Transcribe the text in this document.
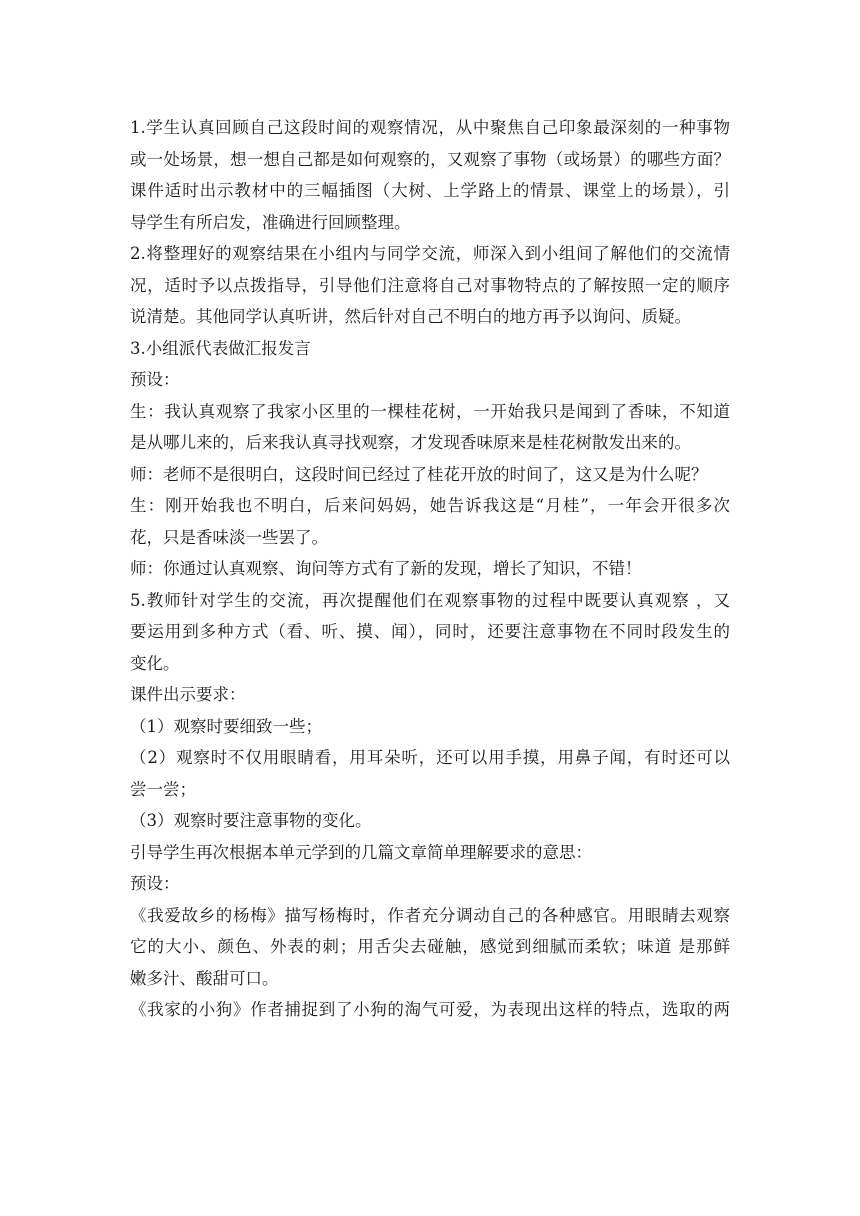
1.学生认真回顾自己这段时间的观察情况，从中聚焦自己印象最深刻的一种事物
或一处场景，想一想自己都是如何观察的，又观察了事物（或场景）的哪些方面？
课件适时出示教材中的三幅插图（大树、上学路上的情景、课堂上的场景），引
导学生有所启发，准确进行回顾整理。
2.将整理好的观察结果在小组内与同学交流，师深入到小组间了解他们的交流情
况，适时予以点拨指导，引导他们注意将自己对事物特点的了解按照一定的顺序
说清楚。其他同学认真听讲，然后针对自己不明白的地方再予以询问、质疑。
3.小组派代表做汇报发言
预设：
生：我认真观察了我家小区里的一棵桂花树，一开始我只是闻到了香味，不知道
是从哪儿来的，后来我认真寻找观察，才发现香味原来是桂花树散发出来的。
师：老师不是很明白，这段时间已经过了桂花开放的时间了，这又是为什么呢？
生：刚开始我也不明白，后来问妈妈，她告诉我这是“月桂”，一年会开很多次
花，只是香味淡一些罢了。
师：你通过认真观察、询问等方式有了新的发现，增长了知识，不错！
5.教师针对学生的交流，再次提醒他们在观察事物的过程中既要认真观察 ，又
要运用到多种方式（看、听、摸、闻），同时，还要注意事物在不同时段发生的
变化。
课件出示要求：
（1）观察时要细致一些；
（2）观察时不仅用眼睛看，用耳朵听，还可以用手摸，用鼻子闻，有时还可以
尝一尝；
（3）观察时要注意事物的变化。
引导学生再次根据本单元学到的几篇文章简单理解要求的意思：
预设：
《我爱故乡的杨梅》描写杨梅时，作者充分调动自己的各种感官。用眼睛去观察
它的大小、颜色、外表的刺；用舌尖去碰触，感觉到细腻而柔软；味道 是那鲜
嫩多汁、酸甜可口。
《我家的小狗》作者捕捉到了小狗的淘气可爱，为表现出这样的特点，选取的两
